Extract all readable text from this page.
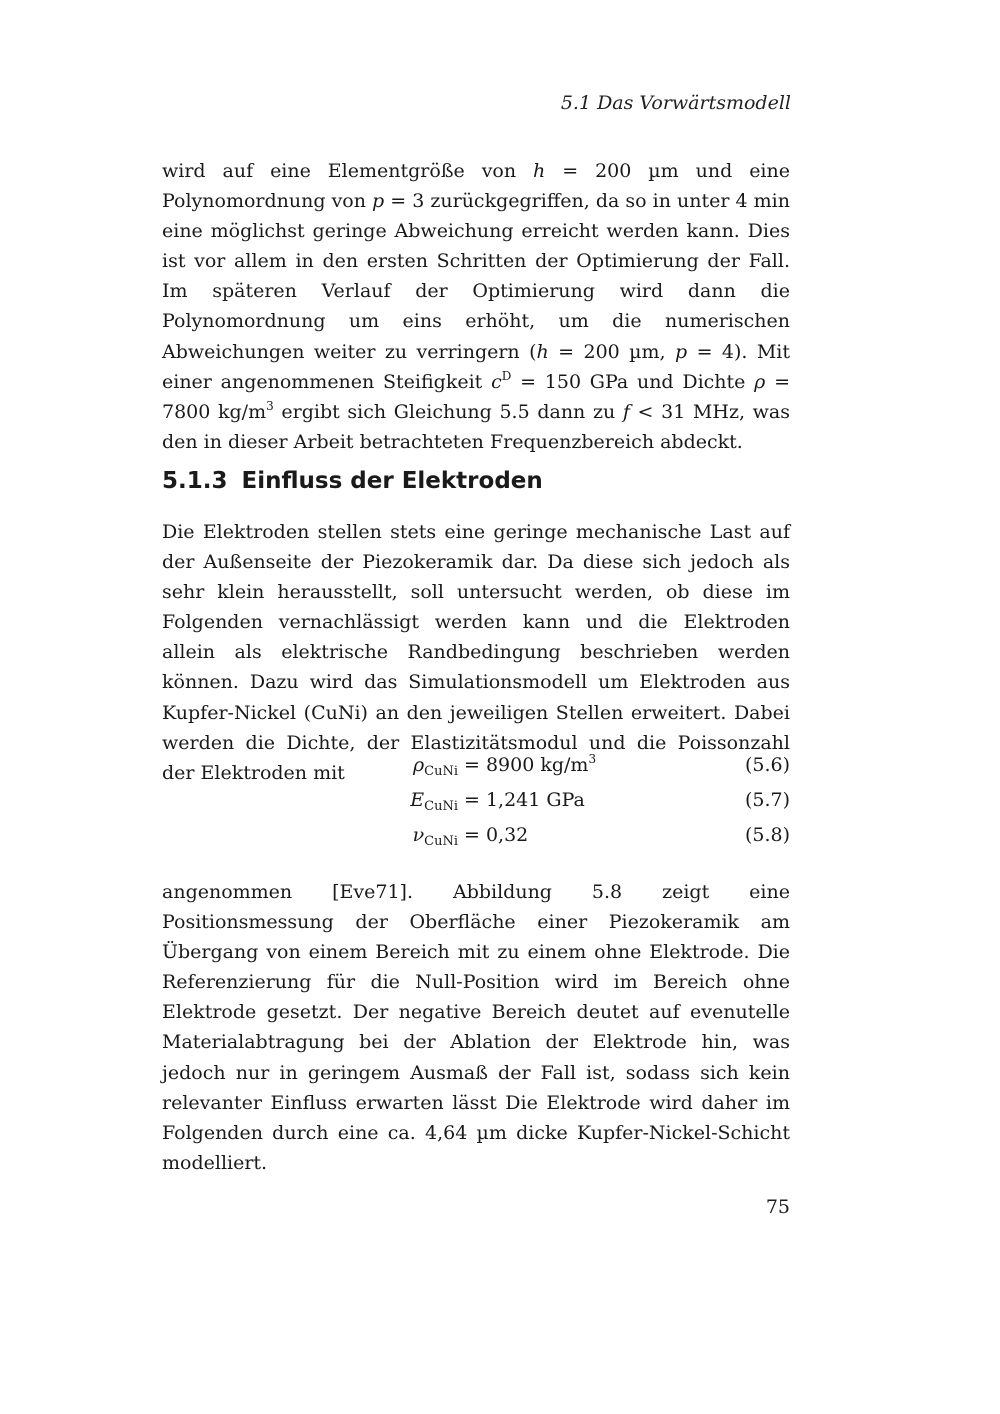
5.1 Das Vorwärtsmodell

wird auf eine Elementgröße von h = 200 µm und eine Polynomordnung von p = 3 zurückgegriffen, da so in unter 4 min eine möglichst geringe Abweichung erreicht werden kann. Dies ist vor allem in den ersten Schritten der Optimierung der Fall. Im späteren Verlauf der Optimierung wird dann die Polynomordnung um eins erhöht, um die numerischen Abweichungen weiter zu verringern (h = 200 µm, p = 4). Mit einer angenommenen Steifigkeit $c^D = 150$ GPa und Dichte ρ = 7800 $kg/m^3$ ergibt sich Gleichung 5.5 dann zu f < 31 MHz, was den in dieser Arbeit betrachteten Frequenzbereich abdeckt.

5.1.3 Einfluss der Elektroden

Die Elektroden stellen stets eine geringe mechanische Last auf der Außenseite der Piezokeramik dar. Da diese sich jedoch als sehr klein herausstellt, soll untersucht werden, ob diese im Folgenden vernachlässigt werden kann und die Elektroden allein als elektrische Randbedingung beschrieben werden können. Dazu wird das Simulationsmodell um Elektroden aus Kupfer-Nickel (CuNi) an den jeweiligen Stellen erweitert. Dabei werden die Dichte, der Elastizitätsmodul und die Poissonzahl der Elektroden mit	$\rho_{CuNi} = 8900$ $kg/m^3$	(5.6)
$E_{CuNi} = 1,241$ GPa	(5.7)
$\nu_{CuNi} = 0,32$	(5.8)

angenommen [Eve71]. Abbildung 5.8 zeigt eine Positionsmessung der Oberfläche einer Piezokeramik am Übergang von einem Bereich mit zu einem ohne Elektrode. Die Referenzierung für die Null-Position wird im Bereich ohne Elektrode gesetzt. Der negative Bereich deutet auf evenutelle Materialabtragung bei der Ablation der Elektrode hin, was jedoch nur in geringem Ausmaß der Fall ist, sodass sich kein relevanter Einfluss erwarten lässt Die Elektrode wird daher im Folgenden durch eine ca. 4,64 µm dicke Kupfer-Nickel-Schicht modelliert.

75
